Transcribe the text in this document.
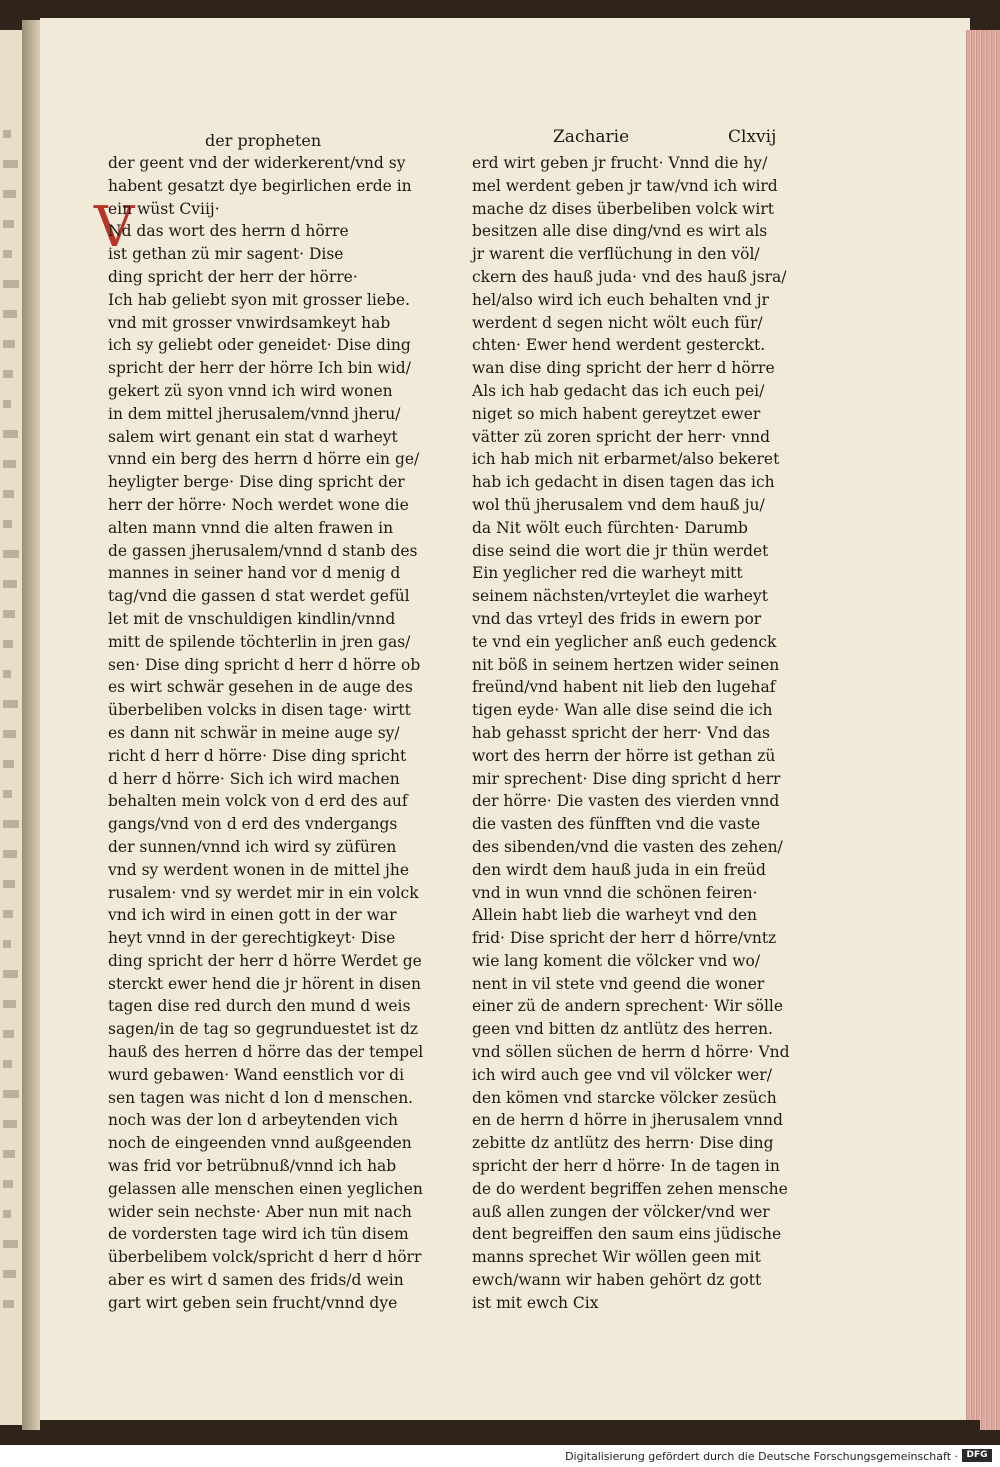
der propheten	Zacharie	Clxvij
V
der geent vnd der widerkerent/vnd sy
habent gesatzt dye begirlichen erde in
ein wüst Cviij·
Nd das wort des herrn d hörre
ist gethan zü mir sagent· Dise
ding spricht der herr der hörre·
Ich hab geliebt syon mit grosser liebe.
vnd mit grosser vnwirdsamkeyt hab
ich sy geliebt oder geneidet· Dise ding
spricht der herr der hörre Ich bin wid/
gekert zü syon vnnd ich wird wonen
in dem mittel jherusalem/vnnd jheru/
salem wirt genant ein stat d warheyt
vnnd ein berg des herrn d hörre ein ge/
heyligter berge· Dise ding spricht der
herr der hörre· Noch werdet wone die
alten mann vnnd die alten frawen in
de gassen jherusalem/vnnd d stanb des
mannes in seiner hand vor d menig d
tag/vnd die gassen d stat werdet gefül
let mit de vnschuldigen kindlin/vnnd
mitt de spilende töchterlin in jren gas/
sen· Dise ding spricht d herr d hörre ob
es wirt schwär gesehen in de auge des
überbeliben volcks in disen tage· wirtt
es dann nit schwär in meine auge sy/
richt d herr d hörre· Dise ding spricht
d herr d hörre· Sich ich wird machen
behalten mein volck von d erd des auf
gangs/vnd von d erd des vndergangs
der sunnen/vnnd ich wird sy züfüren
vnd sy werdent wonen in de mittel jhe
rusalem· vnd sy werdet mir in ein volck
vnd ich wird in einen gott in der war
heyt vnnd in der gerechtigkeyt· Dise
ding spricht der herr d hörre Werdet ge
sterckt ewer hend die jr hörent in disen
tagen dise red durch den mund d weis
sagen/in de tag so gegrunduestet ist dz
hauß des herren d hörre das der tempel
wurd gebawen· Wand eenstlich vor di
sen tagen was nicht d lon d menschen.
noch was der lon d arbeytenden vich
noch de eingeenden vnnd außgeenden
was frid vor betrübnuß/vnnd ich hab
gelassen alle menschen einen yeglichen
wider sein nechste· Aber nun mit nach
de vordersten tage wird ich tün disem
überbelibem volck/spricht d herr d hörr
aber es wirt d samen des frids/d wein
gart wirt geben sein frucht/vnnd dye
erd wirt geben jr frucht· Vnnd die hy/
mel werdent geben jr taw/vnd ich wird
mache dz dises überbeliben volck wirt
besitzen alle dise ding/vnd es wirt als
jr warent die verflüchung in den völ/
ckern des hauß juda· vnd des hauß jsra/
hel/also wird ich euch behalten vnd jr
werdent d segen nicht wölt euch für/
chten· Ewer hend werdent gesterckt.
wan dise ding spricht der herr d hörre
Als ich hab gedacht das ich euch pei/
niget so mich habent gereytzet ewer
vätter zü zoren spricht der herr· vnnd
ich hab mich nit erbarmet/also bekeret
hab ich gedacht in disen tagen das ich
wol thü jherusalem vnd dem hauß ju/
da Nit wölt euch fürchten· Darumb
dise seind die wort die jr thün werdet
Ein yeglicher red die warheyt mitt
seinem nächsten/vrteylet die warheyt
vnd das vrteyl des frids in ewern por
te vnd ein yeglicher anß euch gedenck
nit böß in seinem hertzen wider seinen
freünd/vnd habent nit lieb den lugehaf
tigen eyde· Wan alle dise seind die ich
hab gehasst spricht der herr· Vnd das
wort des herrn der hörre ist gethan zü
mir sprechent· Dise ding spricht d herr
der hörre· Die vasten des vierden vnnd
die vasten des fünfften vnd die vaste
des sibenden/vnd die vasten des zehen/
den wirdt dem hauß juda in ein freüd
vnd in wun vnnd die schönen feiren·
Allein habt lieb die warheyt vnd den
frid· Dise spricht der herr d hörre/vntz
wie lang koment die völcker vnd wo/
nent in vil stete vnd geend die woner
einer zü de andern sprechent· Wir sölle
geen vnd bitten dz antlütz des herren.
vnd söllen süchen de herrn d hörre· Vnd
ich wird auch gee vnd vil völcker wer/
den kömen vnd starcke völcker zesüch
en de herrn d hörre in jherusalem vnnd
zebitte dz antlütz des herrn· Dise ding
spricht der herr d hörre· In de tagen in
de do werdent begriffen zehen mensche
auß allen zungen der völcker/vnd wer
dent begreiffen den saum eins jüdische
manns sprechet Wir wöllen geen mit
ewch/wann wir haben gehört dz gott
ist mit ewch Cix
Digitalisierung gefördert durch die Deutsche Forschungsgemeinschaft · DFG
